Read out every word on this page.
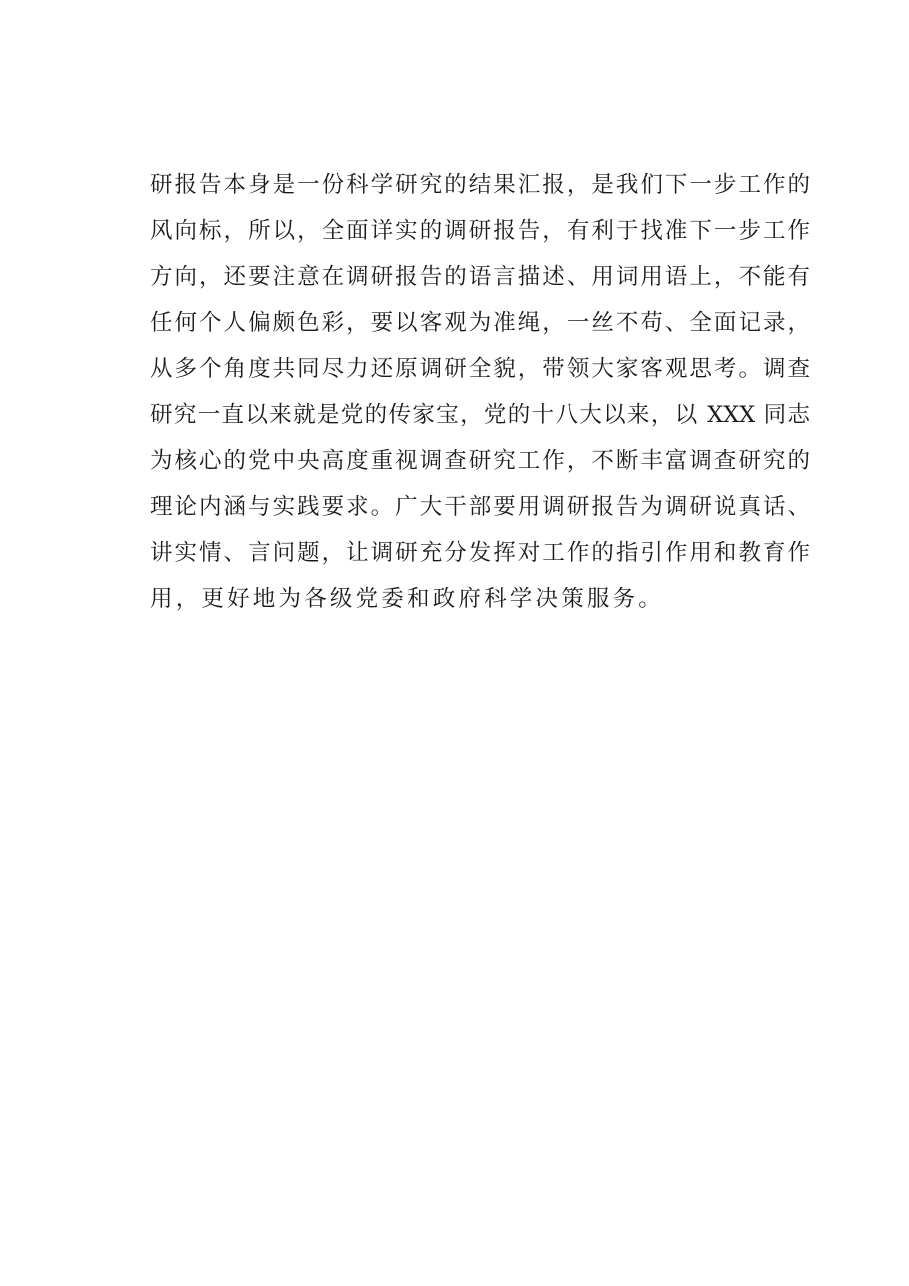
研报告本身是一份科学研究的结果汇报，是我们下一步工作的
风向标，所以，全面详实的调研报告，有利于找准下一步工作
方向，还要注意在调研报告的语言描述、用词用语上，不能有
任何个人偏颇色彩，要以客观为准绳，一丝不苟、全面记录，
从多个角度共同尽力还原调研全貌，带领大家客观思考。调查
研究一直以来就是党的传家宝，党的十八大以来，以 XXX 同志
为核心的党中央高度重视调查研究工作，不断丰富调查研究的
理论内涵与实践要求。广大干部要用调研报告为调研说真话、
讲实情、言问题，让调研充分发挥对工作的指引作用和教育作
用，更好地为各级党委和政府科学决策服务。
